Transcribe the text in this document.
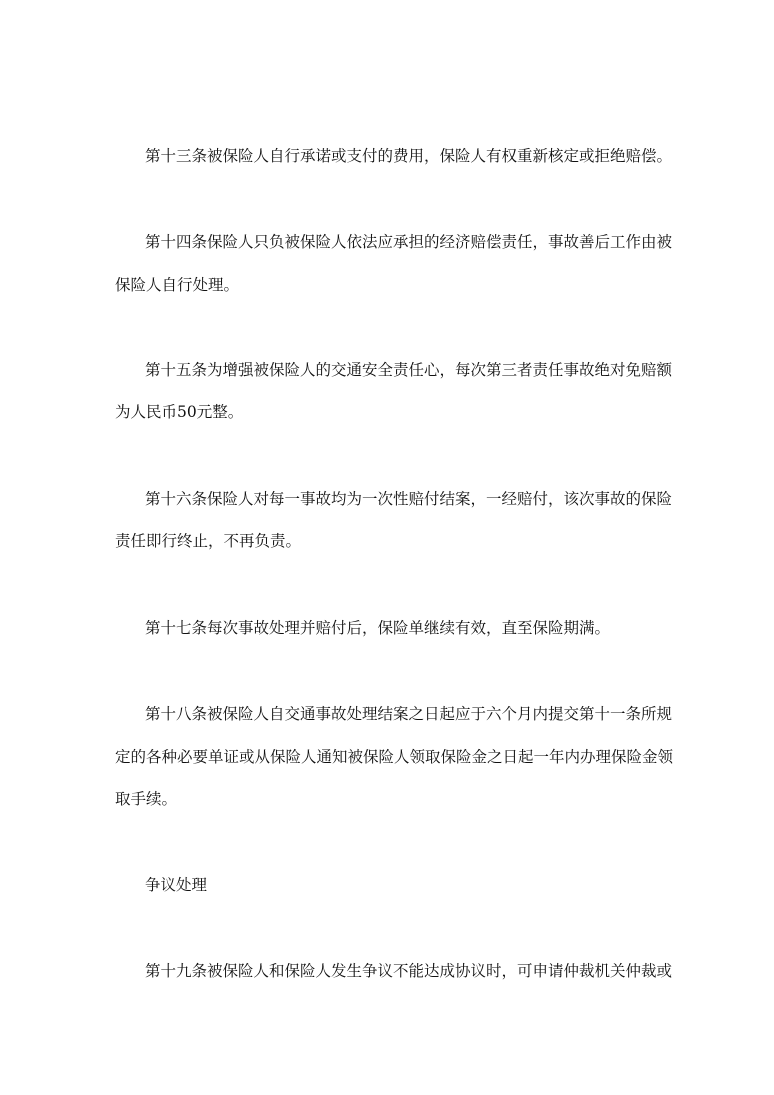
第十三条被保险人自行承诺或支付的费用，保险人有权重新核定或拒绝赔偿。
第十四条保险人只负被保险人依法应承担的经济赔偿责任，事故善后工作由被
保险人自行处理。
第十五条为增强被保险人的交通安全责任心，每次第三者责任事故绝对免赔额
为人民币50元整。
第十六条保险人对每一事故均为一次性赔付结案，一经赔付，该次事故的保险
责任即行终止，不再负责。
第十七条每次事故处理并赔付后，保险单继续有效，直至保险期满。
第十八条被保险人自交通事故处理结案之日起应于六个月内提交第十一条所规
定的各种必要单证或从保险人通知被保险人领取保险金之日起一年内办理保险金领
取手续。
争议处理
第十九条被保险人和保险人发生争议不能达成协议时，可申请仲裁机关仲裁或
